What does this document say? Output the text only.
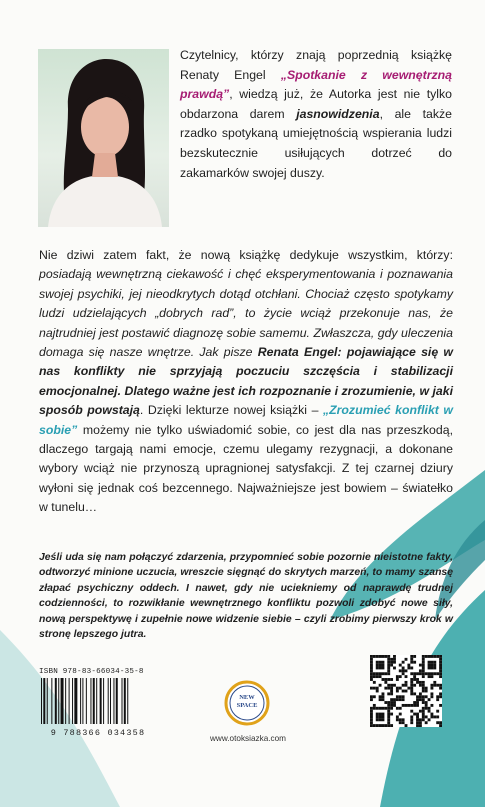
Czytelnicy, którzy znają poprzednią książkę Renaty Engel „Spotkanie z wewnętrzną prawdą”, wiedzą już, że Autorka jest nie tylko obdarzona darem jasnowidzenia, ale także rzadko spotykaną umiejętnością wspierania ludzi bezskutecznie usiłujących dotrzeć do zakamarków swojej duszy.

Nie dziwi zatem fakt, że nową książkę dedykuje wszystkim, którzy: posiadają wewnętrzną ciekawość i chęć eksperymentowania i poznawania swojej psychiki, jej nieodkrytych dotąd otchłani. Chociaż często spotykamy ludzi udzielających „dobrych rad”, to życie wciąż przekonuje nas, że najtrudniej jest postawić diagnozę sobie samemu. Zwłaszcza, gdy uleczenia domaga się nasze wnętrze. Jak pisze Renata Engel: pojawiające się w nas konflikty nie sprzyjają poczuciu szczęścia i stabilizacji emocjonalnej. Dlatego ważne jest ich rozpoznanie i zrozumienie, w jaki sposób powstają. Dzięki lekturze nowej książki – „Zrozumieć konflikt w sobie” możemy nie tylko uświadomić sobie, co jest dla nas przeszkodą, dlaczego targają nami emocje, czemu ulegamy rezygnacji, a dokonane wybory wciąż nie przynoszą upragnionej satysfakcji. Z tej czarnej dziury wyłoni się jednak coś bezcennego. Najważniejsze jest bowiem – światełko w tunelu…

Jeśli uda się nam połączyć zdarzenia, przypomnieć sobie pozornie nieistotne fakty, odtworzyć minione uczucia, wreszcie sięgnąć do skrytych marzeń, to mamy szansę złapać psychiczny oddech. I nawet, gdy nie uciekniemy od naprawdę trudnej codzienności, to rozwikłanie wewnętrznego konfliktu pozwoli zdobyć nowe siły, nową perspektywę i zupełnie nowe widzenie siebie – czyli zrobimy pierwszy krok w stronę lepszego jutra.

ISBN 978-83-66034-35-8
9 788366 034358
NEW
SPACE
www.otoksiazka.com
